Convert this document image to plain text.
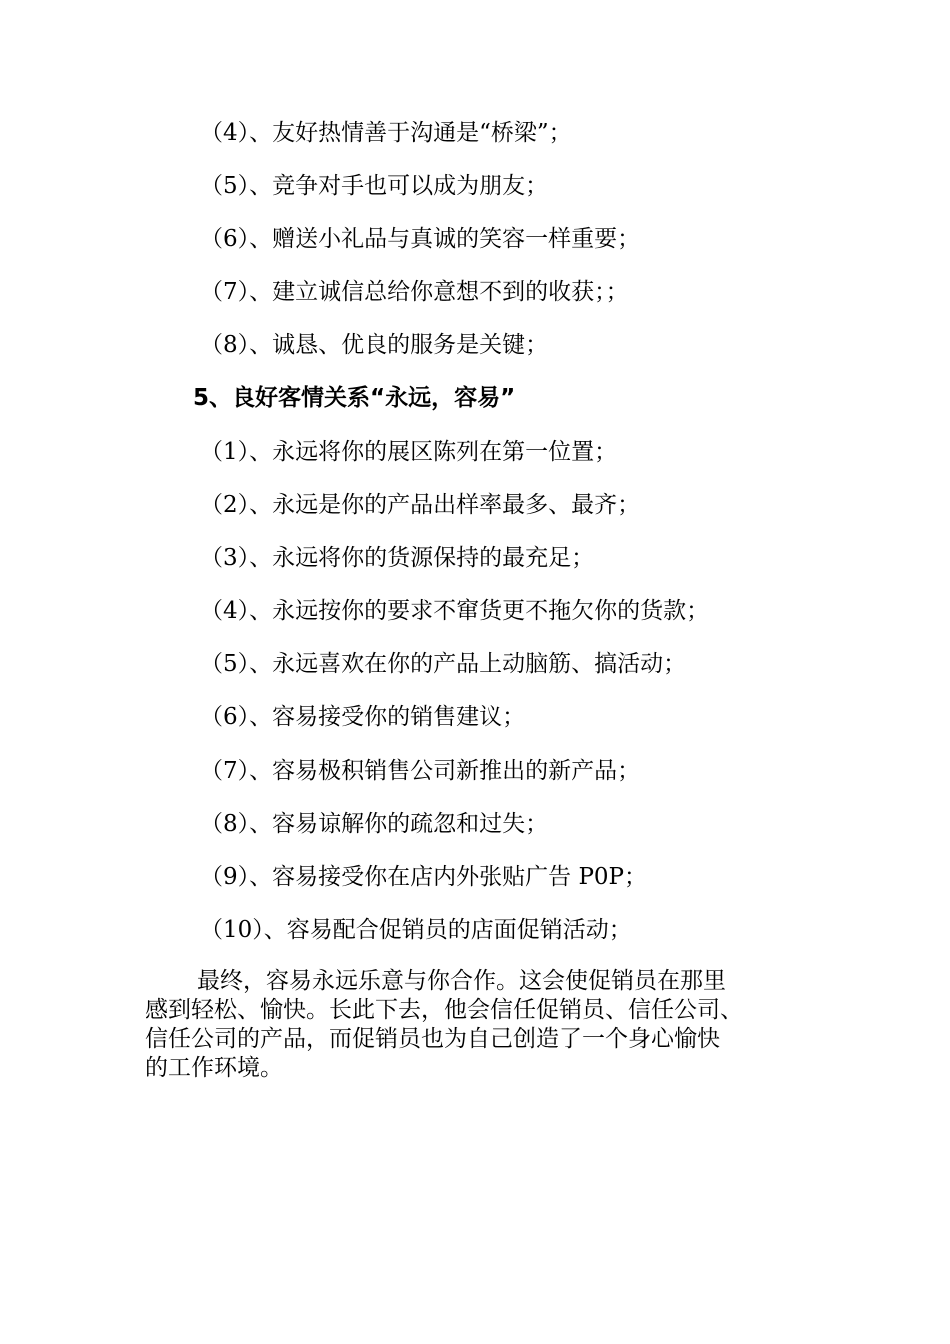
（4）、友好热情善于沟通是“桥梁”；
（5）、竞争对手也可以成为朋友；
（6）、赠送小礼品与真诚的笑容一样重要；
（7）、建立诚信总给你意想不到的收获；；
（8）、诚恳、优良的服务是关键；
5、良好客情关系“永远，容易”
（1）、永远将你的展区陈列在第一位置；
（2）、永远是你的产品出样率最多、最齐；
（3）、永远将你的货源保持的最充足；
（4）、永远按你的要求不窜货更不拖欠你的货款；
（5）、永远喜欢在你的产品上动脑筋、搞活动；
（6）、容易接受你的销售建议；
（7）、容易极积销售公司新推出的新产品；
（8）、容易谅解你的疏忽和过失；
（9）、容易接受你在店内外张贴广告 P0P；
（10）、容易配合促销员的店面促销活动；

最终，容易永远乐意与你合作。这会使促销员在那里

感到轻松、愉快。长此下去，他会信任促销员、信任公司、

信任公司的产品，而促销员也为自己创造了一个身心愉快

的工作环境。
